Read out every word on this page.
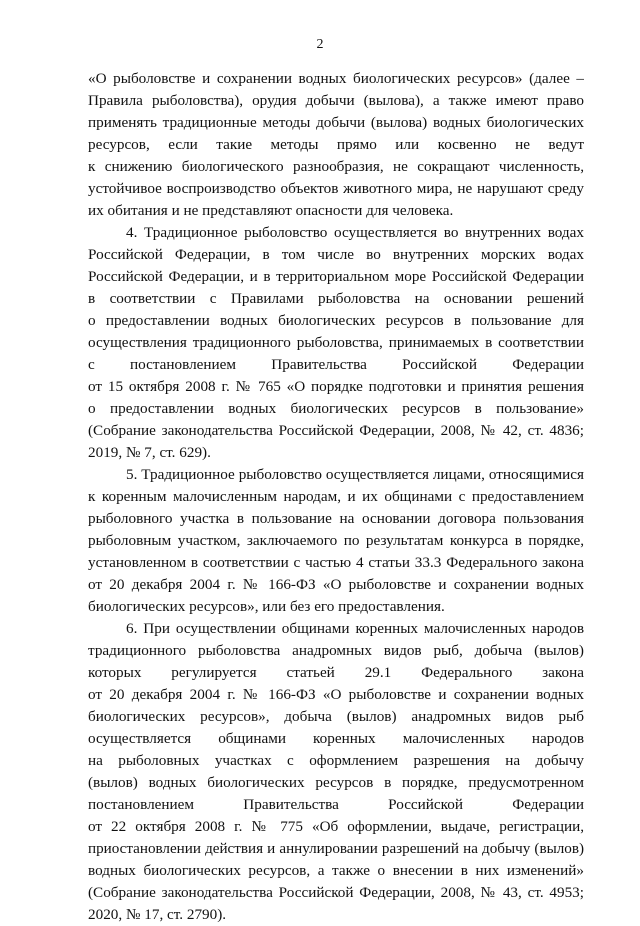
2
«О рыболовстве и сохранении водных биологических ресурсов» (далее –
Правила рыболовства), орудия добычи (вылова), а также имеют право
применять традиционные методы добычи (вылова) водных биологических
ресурсов, если такие методы прямо или косвенно не ведут
к снижению биологического разнообразия, не сокращают численность,
устойчивое воспроизводство объектов животного мира, не нарушают среду
их обитания и не представляют опасности для человека.
4. Традиционное рыболовство осуществляется во внутренних водах
Российской Федерации, в том числе во внутренних морских водах
Российской Федерации, и в территориальном море Российской Федерации
в соответствии с Правилами рыболовства на основании решений
о предоставлении водных биологических ресурсов в пользование для
осуществления традиционного рыболовства, принимаемых в соответствии
с постановлением Правительства Российской Федерации
от 15 октября 2008 г. № 765 «О порядке подготовки и принятия решения
о предоставлении водных биологических ресурсов в пользование»
(Собрание законодательства Российской Федерации, 2008, № 42, ст. 4836;
2019, № 7, ст. 629).
5. Традиционное рыболовство осуществляется лицами, относящимися
к коренным малочисленным народам, и их общинами с предоставлением
рыболовного участка в пользование на основании договора пользования
рыболовным участком, заключаемого по результатам конкурса в порядке,
установленном в соответствии с частью 4 статьи 33.3 Федерального закона
от 20 декабря 2004 г. № 166-ФЗ «О рыболовстве и сохранении водных
биологических ресурсов», или без его предоставления.
6. При осуществлении общинами коренных малочисленных народов
традиционного рыболовства анадромных видов рыб, добыча (вылов)
которых регулируется статьей 29.1 Федерального закона
от 20 декабря 2004 г. № 166-ФЗ «О рыболовстве и сохранении водных
биологических ресурсов», добыча (вылов) анадромных видов рыб
осуществляется общинами коренных малочисленных народов
на рыболовных участках с оформлением разрешения на добычу
(вылов) водных биологических ресурсов в порядке, предусмотренном
постановлением Правительства Российской Федерации
от 22 октября 2008 г. № 775 «Об оформлении, выдаче, регистрации,
приостановлении действия и аннулировании разрешений на добычу (вылов)
водных биологических ресурсов, а также о внесении в них изменений»
(Собрание законодательства Российской Федерации, 2008, № 43, ст. 4953;
2020, № 17, ст. 2790).
